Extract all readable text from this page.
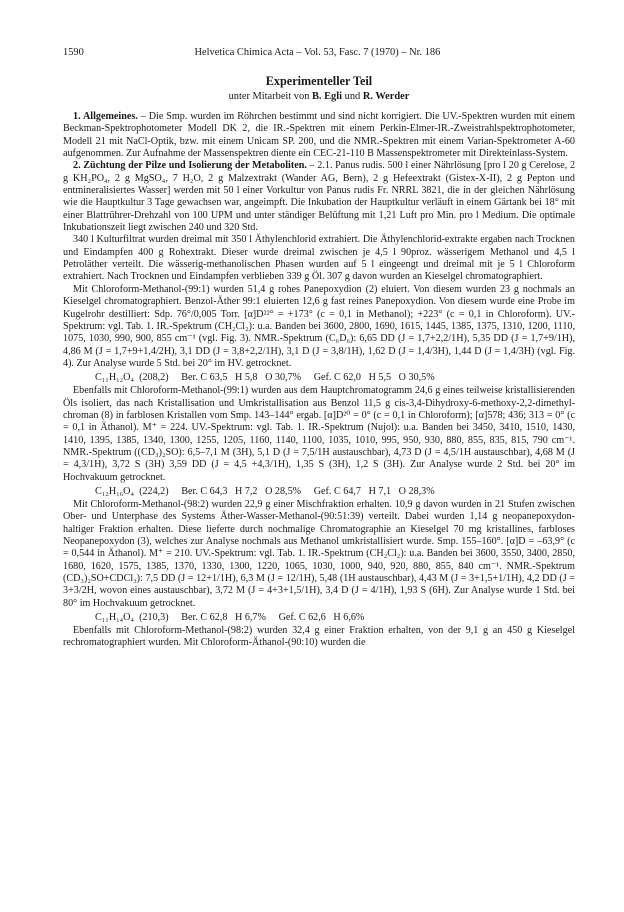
1590	Helvetica Chimica Acta – Vol. 53, Fasc. 7 (1970) – Nr. 186
Experimenteller Teil
unter Mitarbeit von B. Egli und R. Werder

1. Allgemeines. – Die Smp. wurden im Röhrchen bestimmt und sind nicht korrigiert. Die UV.-Spektren wurden mit einem Beckman-Spektrophotometer Modell DK 2, die IR.-Spektren mit einem Perkin-Elmer-IR.-Zweistrahlspektrophotometer, Modell 21 mit NaCl-Optik, bzw. mit einem Unicam SP. 200, und die NMR.-Spektren mit einem Varian-Spektrometer A-60 aufgenommen. Zur Aufnahme der Massenspektren diente ein CEC-21-110 B Massenspektrometer mit Direkteinlass-System.

2. Züchtung der Pilze und Isolierung der Metaboliten. – 2.1. Panus rudis. 500 l einer Nährlösung [pro l 20 g Cerelose, 2 g KH₂PO₄, 2 g MgSO₄, 7 H₂O, 2 g Malzextrakt (Wander AG, Bern), 2 g Hefeextrakt (Gistex-X-II), 2 g Pepton und entmineralisiertes Wasser] werden mit 50 l einer Vorkultur von Panus rudis Fr. NRRL 3821, die in der gleichen Nährlösung wie die Hauptkultur 3 Tage gewachsen war, angeimpft. Die Inkubation der Hauptkultur verläuft in einem Gärtank bei 18° mit einer Blattrührer-Drehzahl von 100 UPM und unter ständiger Belüftung mit 1,21 Luft pro Min. pro l Medium. Die optimale Inkubationszeit liegt zwischen 240 und 320 Std.

340 l Kulturfiltrat wurden dreimal mit 350 l Äthylenchlorid extrahiert. Die Äthylenchlorid-extrakte ergaben nach Trocknen und Eindampfen 400 g Rohextrakt. Dieser wurde dreimal zwischen je 4,5 l 90proz. wässerigem Methanol und 4,5 l Petroläther verteilt. Die wässerig-methanolischen Phasen wurden auf 5 l eingeengt und dreimal mit je 5 l Chloroform extrahiert. Nach Trocknen und Eindampfen verblieben 339 g Öl. 307 g davon wurden an Kieselgel chromatographiert.

Mit Chloroform-Methanol-(99:1) wurden 51,4 g rohes Panepoxydion (2) eluiert. Von diesem wurden 23 g nochmals an Kieselgel chromatographiert. Benzol-Äther 99:1 eluierten 12,6 g fast reines Panepoxydion. Von diesem wurde eine Probe im Kugelrohr destilliert: Sdp. 76°/0,005 Torr. [α]D²²° = +173° (c = 0,1 in Methanol); +223° (c = 0,1 in Chloroform). UV.-Spektrum: vgl. Tab. 1. IR.-Spektrum (CH₂Cl₂): u.a. Banden bei 3600, 2800, 1690, 1615, 1445, 1385, 1375, 1310, 1200, 1110, 1075, 1030, 990, 900, 855 cm⁻¹ (vgl. Fig. 3). NMR.-Spektrum (C₆D₆): 6,65 DD (J = 1,7+2,2/1H), 5,35 DD (J = 1,7+9/1H), 4,86 M (J = 1,7+9+1,4/2H), 3,1 DD (J = 3,8+2,2/1H), 3,1 D (J = 3,8/1H), 1,62 D (J = 1,4/3H), 1,44 D (J = 1,4/3H) (vgl. Fig. 4). Zur Analyse wurde 5 Std. bei 20° im HV. getrocknet.

C₁₁H₁₂O₄  (208,2)     Ber. C 63,5   H 5,8   O 30,7%     Gef. C 62,0   H 5,5   O 30,5%

Ebenfalls mit Chloroform-Methanol-(99:1) wurden aus dem Hauptchromatogramm 24,6 g eines teilweise kristallisierenden Öls isoliert, das nach Kristallisation und Umkristallisation aus Benzol 11,5 g cis-3,4-Dihydroxy-6-methoxy-2,2-dimethyl-chroman (8) in farblosen Kristallen vom Smp. 143–144° ergab. [α]D²⁰ = 0° (c = 0,1 in Chloroform); [α]578; 436; 313 = 0° (c = 0,1 in Äthanol). M⁺ = 224. UV.-Spektrum: vgl. Tab. 1. IR.-Spektrum (Nujol): u.a. Banden bei 3450, 3410, 1510, 1430, 1410, 1395, 1385, 1340, 1300, 1255, 1205, 1160, 1140, 1100, 1035, 1010, 995, 950, 930, 880, 855, 835, 815, 790 cm⁻¹. NMR.-Spektrum ((CD₃)₂SO): 6,5–7,1 M (3H), 5,1 D (J = 7,5/1H austauschbar), 4,73 D (J = 4,5/1H austauschbar), 4,68 M (J = 4,3/1H), 3,72 S (3H) 3,59 DD (J = 4,5 +4,3/1H), 1,35 S (3H), 1,2 S (3H). Zur Analyse wurde 2 Std. bei 20° im Hochvakuum getrocknet.

C₁₂H₁₆O₄  (224,2)     Ber. C 64,3   H 7,2   O 28,5%     Gef. C 64,7   H 7,1   O 28,3%

Mit Chloroform-Methanol-(98:2) wurden 22,9 g einer Mischfraktion erhalten. 10,9 g davon wurden in 21 Stufen zwischen Ober- und Unterphase des Systems Äther-Wasser-Methanol-(90:51:39) verteilt. Dabei wurden 1,14 g neopanepoxydon-haltiger Fraktion erhalten. Diese lieferte durch nochmalige Chromatographie an Kieselgel 70 mg kristallines, farbloses Neopanepoxydon (3), welches zur Analyse nochmals aus Methanol umkristallisiert wurde. Smp. 155–160°. [α]D = –63,9° (c = 0,544 in Äthanol). M⁺ = 210. UV.-Spektrum: vgl. Tab. 1. IR.-Spektrum (CH₂Cl₂): u.a. Banden bei 3600, 3550, 3400, 2850, 1680, 1620, 1575, 1385, 1370, 1330, 1300, 1220, 1065, 1030, 1000, 940, 920, 880, 855, 840 cm⁻¹. NMR.-Spektrum (CD₃)₂SO+CDCl₃): 7,5 DD (J = 12+1/1H), 6,3 M (J = 12/1H), 5,48 (1H austauschbar), 4,43 M (J = 3+1,5+1/1H), 4,2 DD (J = 3+3/2H, wovon eines austauschbar), 3,72 M (J = 4+3+1,5/1H), 3,4 D (J = 4/1H), 1,93 S (6H). Zur Analyse wurde 1 Std. bei 80° im Hochvakuum getrocknet.

C₁₁H₁₄O₄  (210,3)     Ber. C 62,8   H 6,7%     Gef. C 62,6   H 6,6%

Ebenfalls mit Chloroform-Methanol-(98:2) wurden 32,4 g einer Fraktion erhalten, von der 9,1 g an 450 g Kieselgel rechromatographiert wurden. Mit Chloroform-Äthanol-(90:10) wurden die
